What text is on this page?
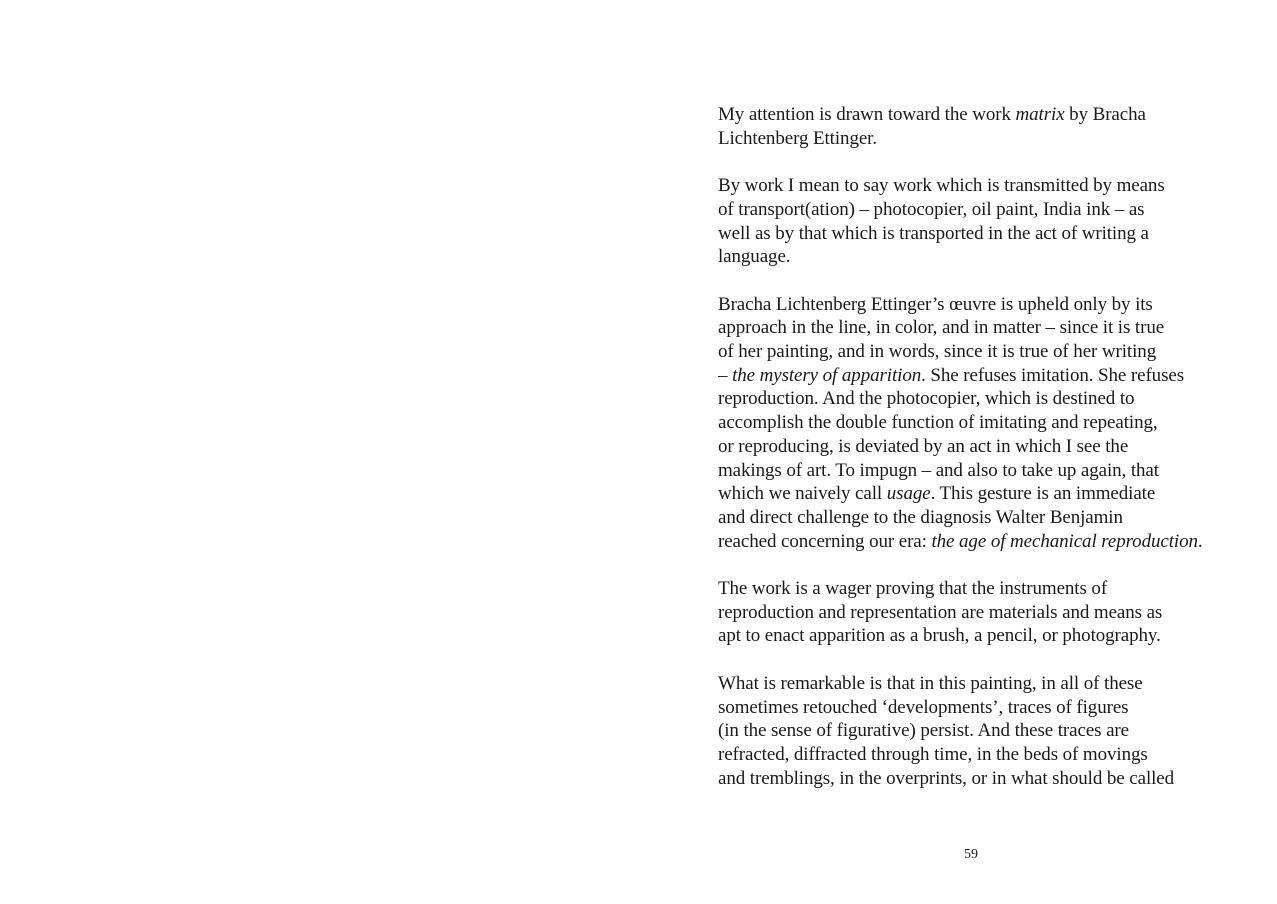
My attention is drawn toward the work matrix by Bracha
Lichtenberg Ettinger.

By work I mean to say work which is transmitted by means
of transport(ation) – photocopier, oil paint, India ink – as
well as by that which is transported in the act of writing a
language.

Bracha Lichtenberg Ettinger’s œuvre is upheld only by its
approach in the line, in color, and in matter – since it is true
of her painting, and in words, since it is true of her writing
– the mystery of apparition. She refuses imitation. She refuses
reproduction. And the photocopier, which is destined to
accomplish the double function of imitating and repeating,
or reproducing, is deviated by an act in which I see the
makings of art. To impugn – and also to take up again, that
which we naively call usage. This gesture is an immediate
and direct challenge to the diagnosis Walter Benjamin
reached concerning our era: the age of mechanical reproduction.

The work is a wager proving that the instruments of
reproduction and representation are materials and means as
apt to enact apparition as a brush, a pencil, or photography.

What is remarkable is that in this painting, in all of these
sometimes retouched ‘developments’, traces of figures
(in the sense of figurative) persist. And these traces are
refracted, diffracted through time, in the beds of movings
and tremblings, in the overprints, or in what should be called

59
